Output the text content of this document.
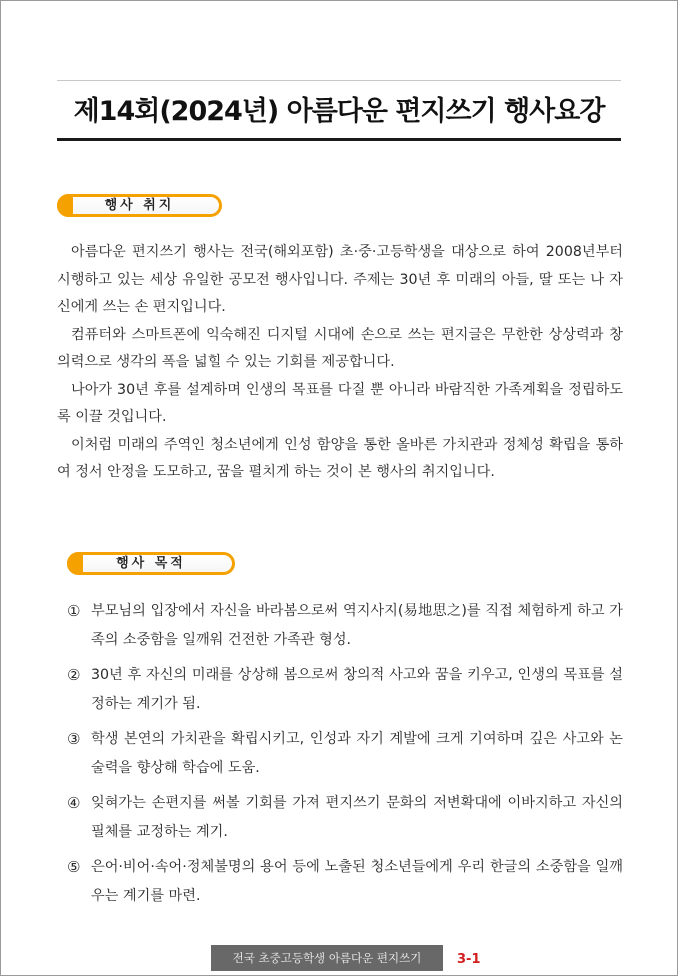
제14회(2024년) 아름다운 편지쓰기 행사요강
행사 취지

아름다운 편지쓰기 행사는 전국(해외포함) 초·중·고등학생을 대상으로 하여 2008년부터 시행하고 있는 세상 유일한 공모전 행사입니다. 주제는 30년 후 미래의 아들, 딸 또는 나 자신에게 쓰는 손 편지입니다.

컴퓨터와 스마트폰에 익숙해진 디지털 시대에 손으로 쓰는 편지글은 무한한 상상력과 창의력으로 생각의 폭을 넓힐 수 있는 기회를 제공합니다.

나아가 30년 후를 설계하며 인생의 목표를 다질 뿐 아니라 바람직한 가족계획을 정립하도록 이끌 것입니다.

이처럼 미래의 주역인 청소년에게 인성 함양을 통한 올바른 가치관과 정체성 확립을 통하여 정서 안정을 도모하고, 꿈을 펼치게 하는 것이 본 행사의 취지입니다.

행사 목적
① 부모님의 입장에서 자신을 바라봄으로써 역지사지(易地思之)를 직접 체험하게 하고 가족의 소중함을 일깨워 건전한 가족관 형성.
② 30년 후 자신의 미래를 상상해 봄으로써 창의적 사고와 꿈을 키우고, 인생의 목표를 설정하는 계기가 됨.
③ 학생 본연의 가치관을 확립시키고, 인성과 자기 계발에 크게 기여하며 깊은 사고와 논술력을 향상해 학습에 도움.
④ 잊혀가는 손편지를 써볼 기회를 가져 편지쓰기 문화의 저변확대에 이바지하고 자신의 필체를 교정하는 계기.
⑤ 은어·비어·속어·정체불명의 용어 등에 노출된 청소년들에게 우리 한글의 소중함을 일깨우는 계기를 마련.
전국 초중고등학생 아름다운 편지쓰기	3-1
